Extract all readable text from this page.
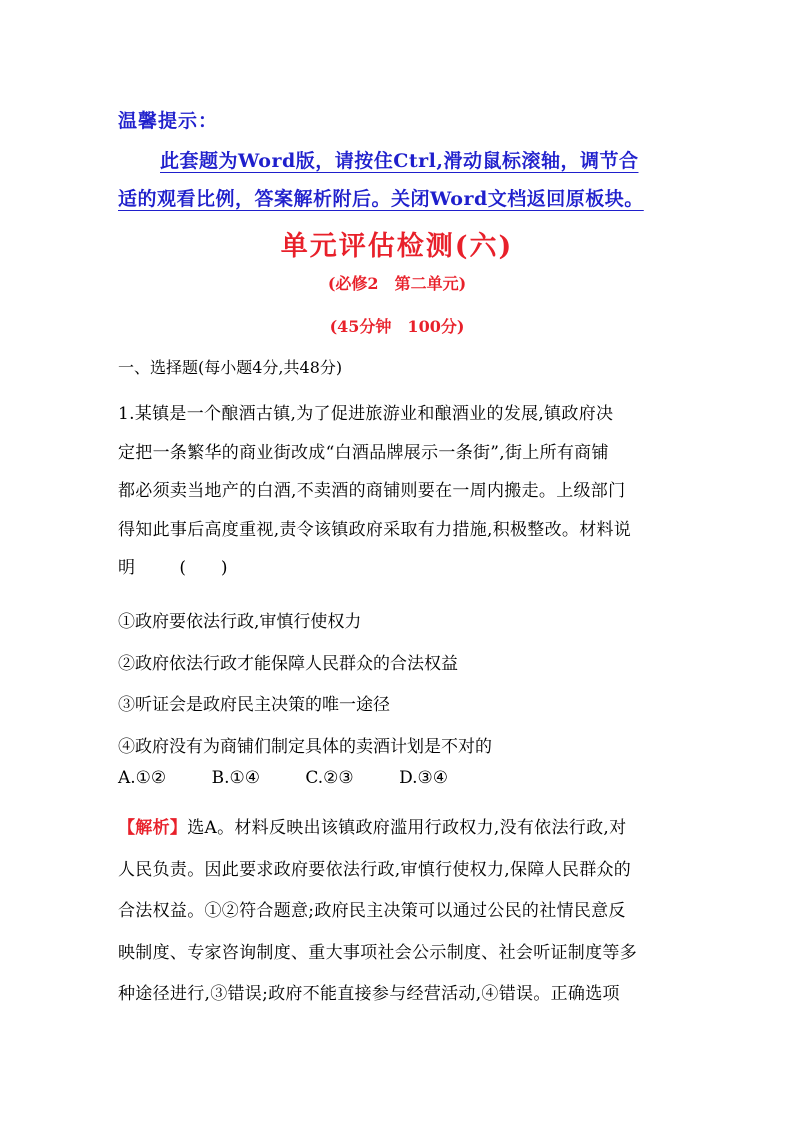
温馨提示：
此套题为Word版，请按住Ctrl,滑动鼠标滚轴，调节合
适的观看比例，答案解析附后。关闭Word文档返回原板块。
单元评估检测(六)
(必修2　第二单元)
(45分钟　100分)
一、选择题(每小题4分,共48分)
1.某镇是一个酿酒古镇,为了促进旅游业和酿酒业的发展,镇政府决
定把一条繁华的商业街改成“白酒品牌展示一条街”,街上所有商铺
都必须卖当地产的白酒,不卖酒的商铺则要在一周内搬走。上级部门
得知此事后高度重视,责令该镇政府采取有力措施,积极整改。材料说
明	(　　)
①政府要依法行政,审慎行使权力
②政府依法行政才能保障人民群众的合法权益
③听证会是政府民主决策的唯一途径
④政府没有为商铺们制定具体的卖酒计划是不对的
A.①②	B.①④	C.②③	D.③④
【解析】选A。材料反映出该镇政府滥用行政权力,没有依法行政,对
人民负责。因此要求政府要依法行政,审慎行使权力,保障人民群众的
合法权益。①②符合题意;政府民主决策可以通过公民的社情民意反
映制度、专家咨询制度、重大事项社会公示制度、社会听证制度等多
种途径进行,③错误;政府不能直接参与经营活动,④错误。正确选项
